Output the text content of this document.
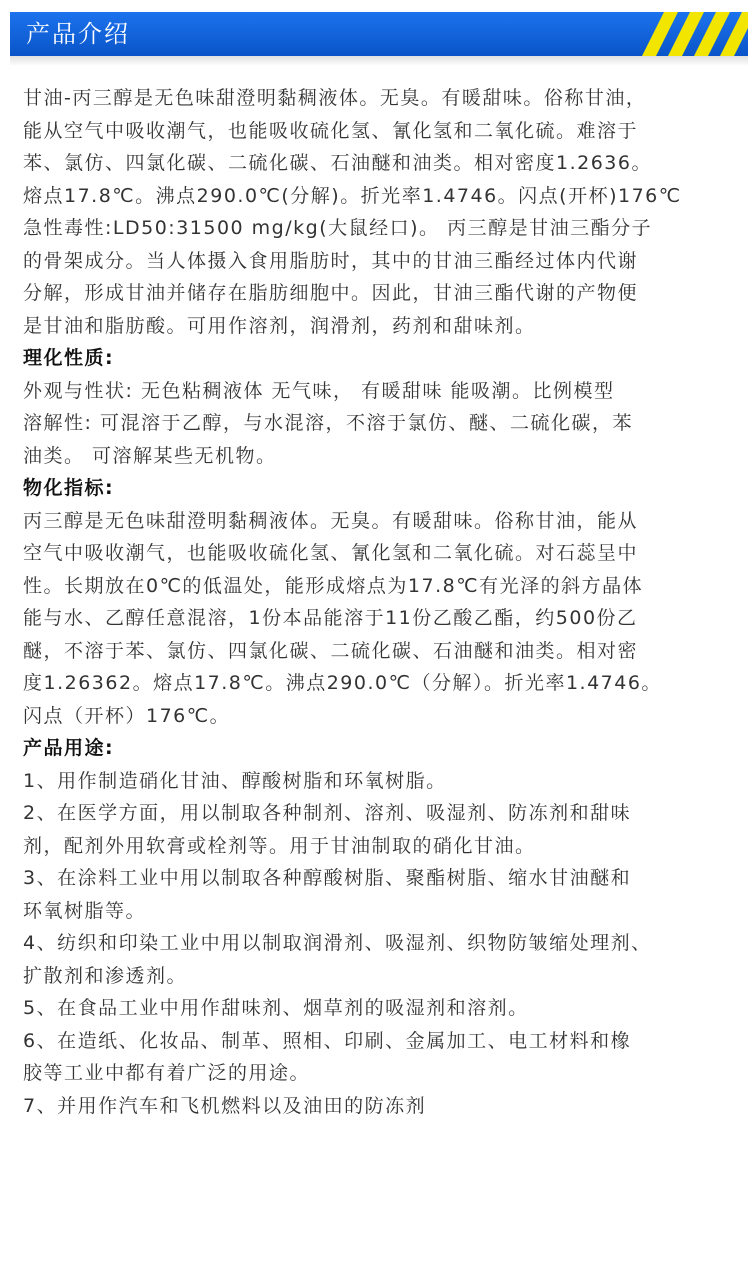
产品介绍

甘油-丙三醇是无色味甜澄明黏稠液体。无臭。有暖甜味。俗称甘油，

能从空气中吸收潮气，也能吸收硫化氢、氰化氢和二氧化硫。难溶于

苯、氯仿、四氯化碳、二硫化碳、石油醚和油类。相对密度1.2636。

熔点17.8℃。沸点290.0℃(分解)。折光率1.4746。闪点(开杯)176℃

急性毒性:LD50:31500 mg/kg(大鼠经口)。 丙三醇是甘油三酯分子

的骨架成分。当人体摄入食用脂肪时，其中的甘油三酯经过体内代谢

分解，形成甘油并储存在脂肪细胞中。因此，甘油三酯代谢的产物便

是甘油和脂肪酸。可用作溶剂，润滑剂，药剂和甜味剂。

理化性质:

外观与性状: 无色粘稠液体 无气味， 有暖甜味 能吸潮。比例模型

溶解性: 可混溶于乙醇，与水混溶，不溶于氯仿、醚、二硫化碳，苯

油类。 可溶解某些无机物。

物化指标:

丙三醇是无色味甜澄明黏稠液体。无臭。有暖甜味。俗称甘油，能从

空气中吸收潮气，也能吸收硫化氢、氰化氢和二氧化硫。对石蕊呈中

性。长期放在0℃的低温处，能形成熔点为17.8℃有光泽的斜方晶体

能与水、乙醇任意混溶，1份本品能溶于11份乙酸乙酯，约500份乙

醚，不溶于苯、氯仿、四氯化碳、二硫化碳、石油醚和油类。相对密

度1.26362。熔点17.8℃。沸点290.0℃（分解）。折光率1.4746。

闪点（开杯）176℃。

产品用途:

1、用作制造硝化甘油、醇酸树脂和环氧树脂。

2、在医学方面，用以制取各种制剂、溶剂、吸湿剂、防冻剂和甜味

剂，配剂外用软膏或栓剂等。用于甘油制取的硝化甘油。

3、在涂料工业中用以制取各种醇酸树脂、聚酯树脂、缩水甘油醚和

环氧树脂等。

4、纺织和印染工业中用以制取润滑剂、吸湿剂、织物防皱缩处理剂、

扩散剂和渗透剂。

5、在食品工业中用作甜味剂、烟草剂的吸湿剂和溶剂。

6、在造纸、化妆品、制革、照相、印刷、金属加工、电工材料和橡

胶等工业中都有着广泛的用途。

7、并用作汽车和飞机燃料以及油田的防冻剂
